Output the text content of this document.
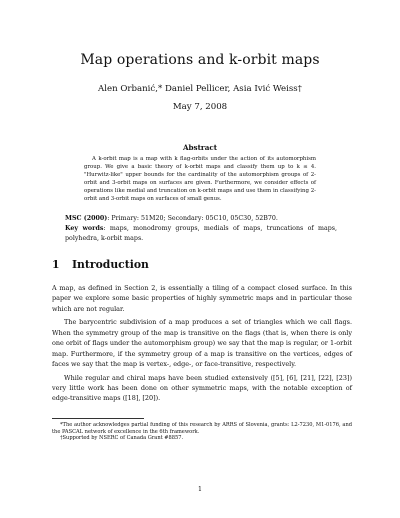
Map operations and k-orbit maps
Alen Orbanić,* Daniel Pellicer, Asia Ivić Weiss†
May 7, 2008
Abstract

A k-orbit map is a map with k flag-orbits under the action of its automorphism group. We give a basic theory of k-orbit maps and classify them up to k ≤ 4. "Hurwitz-like" upper bounds for the cardinality of the automorphism groups of 2-orbit and 3-orbit maps on surfaces are given. Furthermore, we consider effects of operations like medial and truncation on k-orbit maps and use them in classifying 2-orbit and 3-orbit maps on surfaces of small genus.

MSC (2000): Primary: 51M20; Secondary: 05C10, 05C30, 52B70.

Key words: maps, monodromy groups, medials of maps, truncations of maps, polyhedra, k-orbit maps.

1 Introduction

A map, as defined in Section 2, is essentially a tiling of a compact closed surface. In this paper we explore some basic properties of highly symmetric maps and in particular those which are not regular.

The barycentric subdivision of a map produces a set of triangles which we call flags. When the symmetry group of the map is transitive on the flags (that is, when there is only one orbit of flags under the automorphism group) we say that the map is regular, or 1-orbit map. Furthermore, if the symmetry group of a map is transitive on the vertices, edges of faces we say that the map is vertex-, edge-, or face-transitive, respectively.

While regular and chiral maps have been studied extensively ([5], [6], [21], [22], [23]) very little work has been done on other symmetric maps, with the notable exception of edge-transitive maps ([18], [20]).

*The author acknowledges partial funding of this research by ARRS of Slovenia, grants: L2-7230, M1-0176, and the PASCAL network of excellence in the 6th framework.

†Supported by NSERC of Canada Grant #8857.

1
